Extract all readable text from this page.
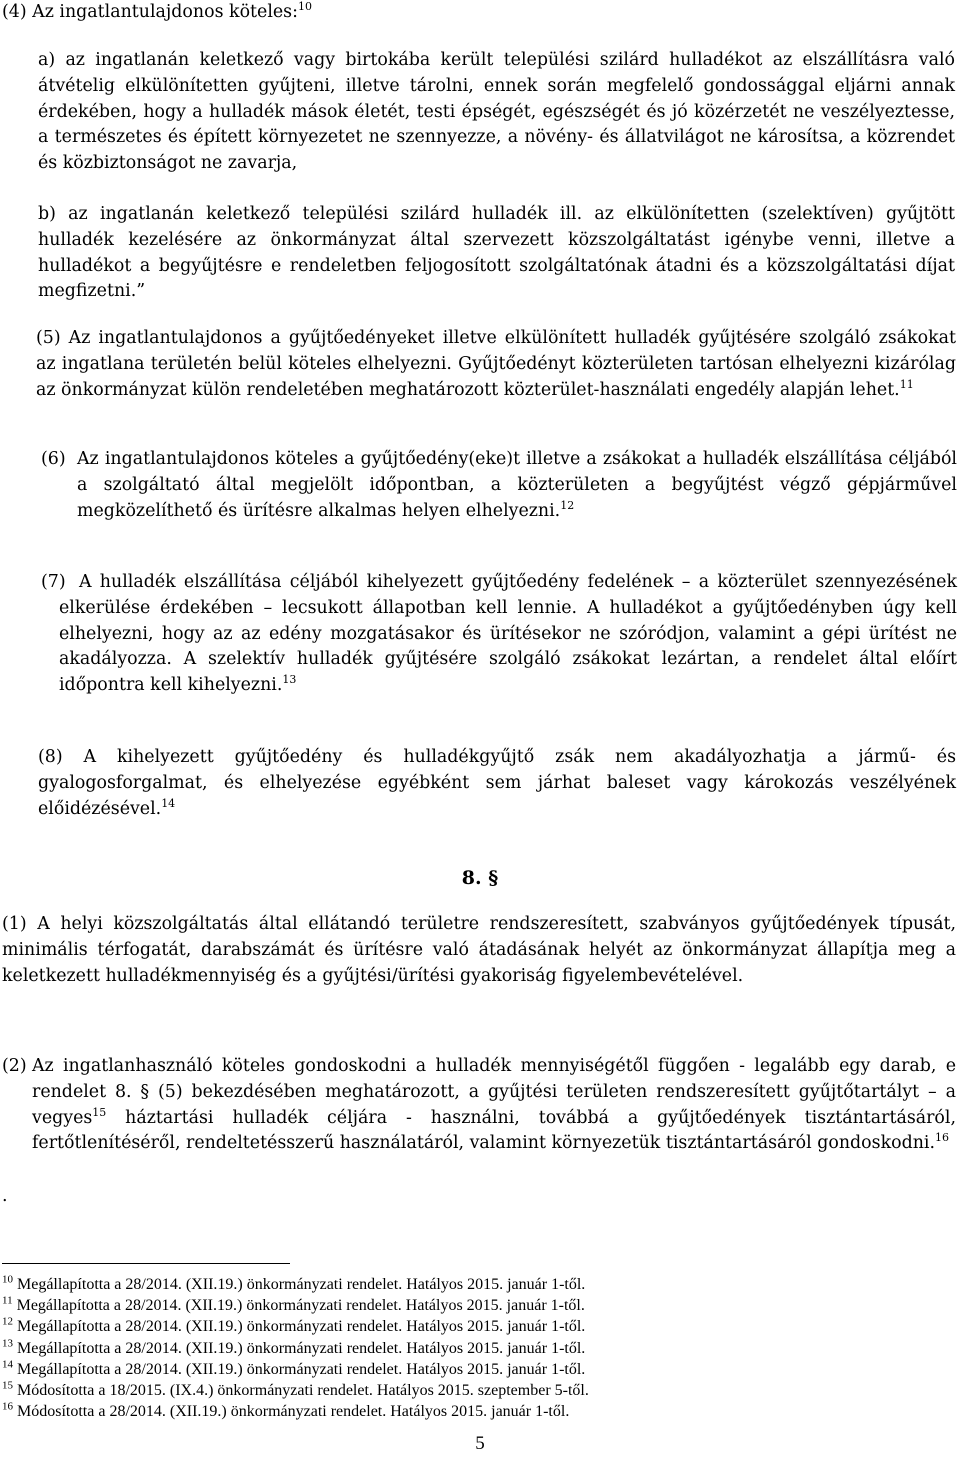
(4) Az ingatlantulajdonos köteles:$^{10}$

a) az ingatlanán keletkező vagy birtokába került települési szilárd hulladékot az elszállításra való átvételig elkülönítetten gyűjteni, illetve tárolni, ennek során megfelelő gondossággal eljárni annak érdekében, hogy a hulladék mások életét, testi épségét, egészségét és jó közérzetét ne veszélyeztesse, a természetes és épített környezetet ne szennyezze, a növény- és állatvilágot ne károsítsa, a közrendet és közbiztonságot ne zavarja,

b) az ingatlanán keletkező települési szilárd hulladék ill. az elkülönítetten (szelektíven) gyűjtött hulladék kezelésére az önkormányzat által szervezett közszolgáltatást igénybe venni, illetve a hulladékot a begyűjtésre e rendeletben feljogosított szolgáltatónak átadni és a közszolgáltatási díjat megfizetni.”

(5) Az ingatlantulajdonos a gyűjtőedényeket illetve elkülönített hulladék gyűjtésére szolgáló zsákokat az ingatlana területén belül köteles elhelyezni. Gyűjtőedényt közterületen tartósan elhelyezni kizárólag az önkormányzat külön rendeletében meghatározott közterület-használati engedély alapján lehet.$^{11}$

(6) Az ingatlantulajdonos köteles a gyűjtőedény(eke)t illetve a zsákokat a hulladék elszállítása céljából a szolgáltató által megjelölt időpontban, a közterületen a begyűjtést végző gépjárművel megközelíthető és ürítésre alkalmas helyen elhelyezni.$^{12}$

(7) A hulladék elszállítása céljából kihelyezett gyűjtőedény fedelének – a közterület szennyezésének elkerülése érdekében – lecsukott állapotban kell lennie. A hulladékot a gyűjtőedényben úgy kell elhelyezni, hogy az az edény mozgatásakor és ürítésekor ne szóródjon, valamint a gépi ürítést ne akadályozza. A szelektív hulladék gyűjtésére szolgáló zsákokat lezártan, a rendelet által előírt időpontra kell kihelyezni.$^{13}$

(8) A kihelyezett gyűjtőedény és hulladékgyűjtő zsák nem akadályozhatja a jármű- és gyalogosforgalmat, és elhelyezése egyébként sem járhat baleset vagy károkozás veszélyének előidézésével.$^{14}$

8. §

(1) A helyi közszolgáltatás által ellátandó területre rendszeresített, szabványos gyűjtőedények típusát, minimális térfogatát, darabszámát és ürítésre való átadásának helyét az önkormányzat állapítja meg a keletkezett hulladékmennyiség és a gyűjtési/ürítési gyakoriság figyelembevételével.

(2) Az ingatlanhasználó köteles gondoskodni a hulladék mennyiségétől függően - legalább egy darab, e rendelet 8. § (5) bekezdésében meghatározott, a gyűjtési területen rendszeresített gyűjtőtartályt – a vegyes$^{15}$ háztartási hulladék céljára - használni, továbbá a gyűjtőedények tisztántartásáról, fertőtlenítéséről, rendeltetésszerű használatáról, valamint környezetük tisztántartásáról gondoskodni.$^{16}$

.
$^{10}$ Megállapította a 28/2014. (XII.19.) önkormányzati rendelet. Hatályos 2015. január 1-től.
$^{11}$ Megállapította a 28/2014. (XII.19.) önkormányzati rendelet. Hatályos 2015. január 1-től.
$^{12}$ Megállapította a 28/2014. (XII.19.) önkormányzati rendelet. Hatályos 2015. január 1-től.
$^{13}$ Megállapította a 28/2014. (XII.19.) önkormányzati rendelet. Hatályos 2015. január 1-től.
$^{14}$ Megállapította a 28/2014. (XII.19.) önkormányzati rendelet. Hatályos 2015. január 1-től.
$^{15}$ Módosította a 18/2015. (IX.4.) önkormányzati rendelet. Hatályos 2015. szeptember 5-től.
$^{16}$ Módosította a 28/2014. (XII.19.) önkormányzati rendelet. Hatályos 2015. január 1-től.
5
